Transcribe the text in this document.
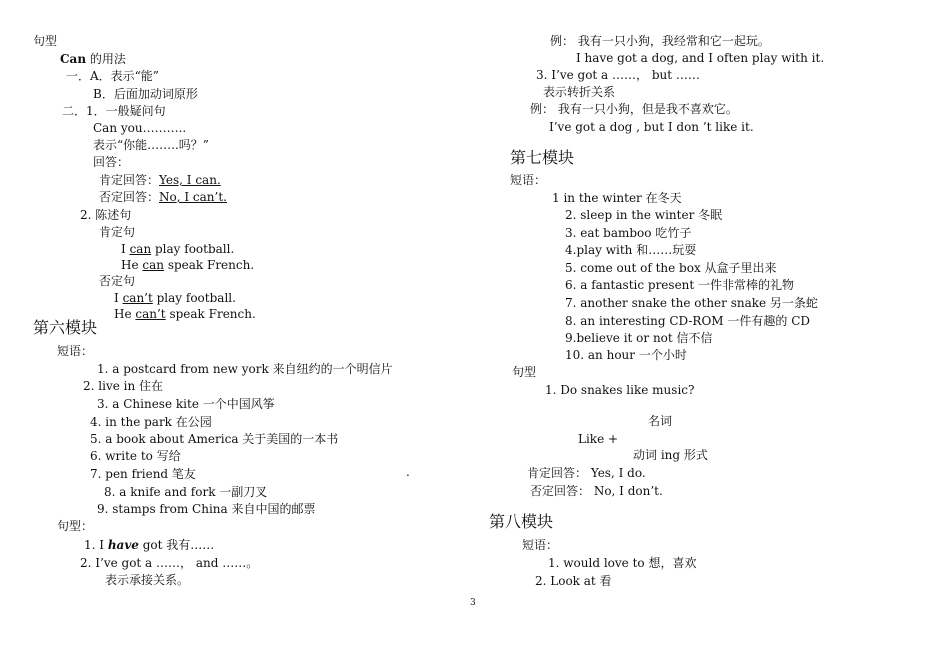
句型
Can 的用法
一．A．表示“能”
B．后面加动词原形
二．1．一般疑问句
Can you………..
表示“你能……..吗？”
回答：
肯定回答：Yes, I can.
否定回答：No, I can’t.
2. 陈述句
肯定句
I can play football.
He can speak French.
否定句
I can’t play football.
He can’t speak French.
第六模块
短语：
1. a postcard from new york 来自纽约的一个明信片
2. live in 住在
3. a Chinese kite 一个中国风筝
4. in the park 在公园
5. a book about America 关于美国的一本书
6. write to 写给
7. pen friend 笔友	.
8. a knife and fork 一副刀叉
9. stamps from China 来自中国的邮票
句型：
1. I have got 我有……
2. I’ve got a ……， and ……。
表示承接关系。
例： 我有一只小狗，我经常和它一起玩。
I have got a dog, and I often play with it.
3. I’ve got a ……， but ……
表示转折关系
例： 我有一只小狗，但是我不喜欢它。
I’ve got a dog , but I don ’t like it.
第七模块
短语：
1 in the winter 在冬天
2. sleep in the winter 冬眠
3. eat bamboo 吃竹子
4.play with 和……玩耍
5. come out of the box 从盒子里出来
6. a fantastic present 一件非常棒的礼物
7. another snake the other snake 另一条蛇
8. an interesting CD-ROM 一件有趣的 CD
9.believe it or not 信不信
10. an hour 一个小时
句型
1. Do snakes like music?
名词
Like +
动词 ing 形式
肯定回答： Yes, I do.
否定回答： No, I don’t.
第八模块
短语：
1. would love to 想，喜欢
2. Look at 看
3
